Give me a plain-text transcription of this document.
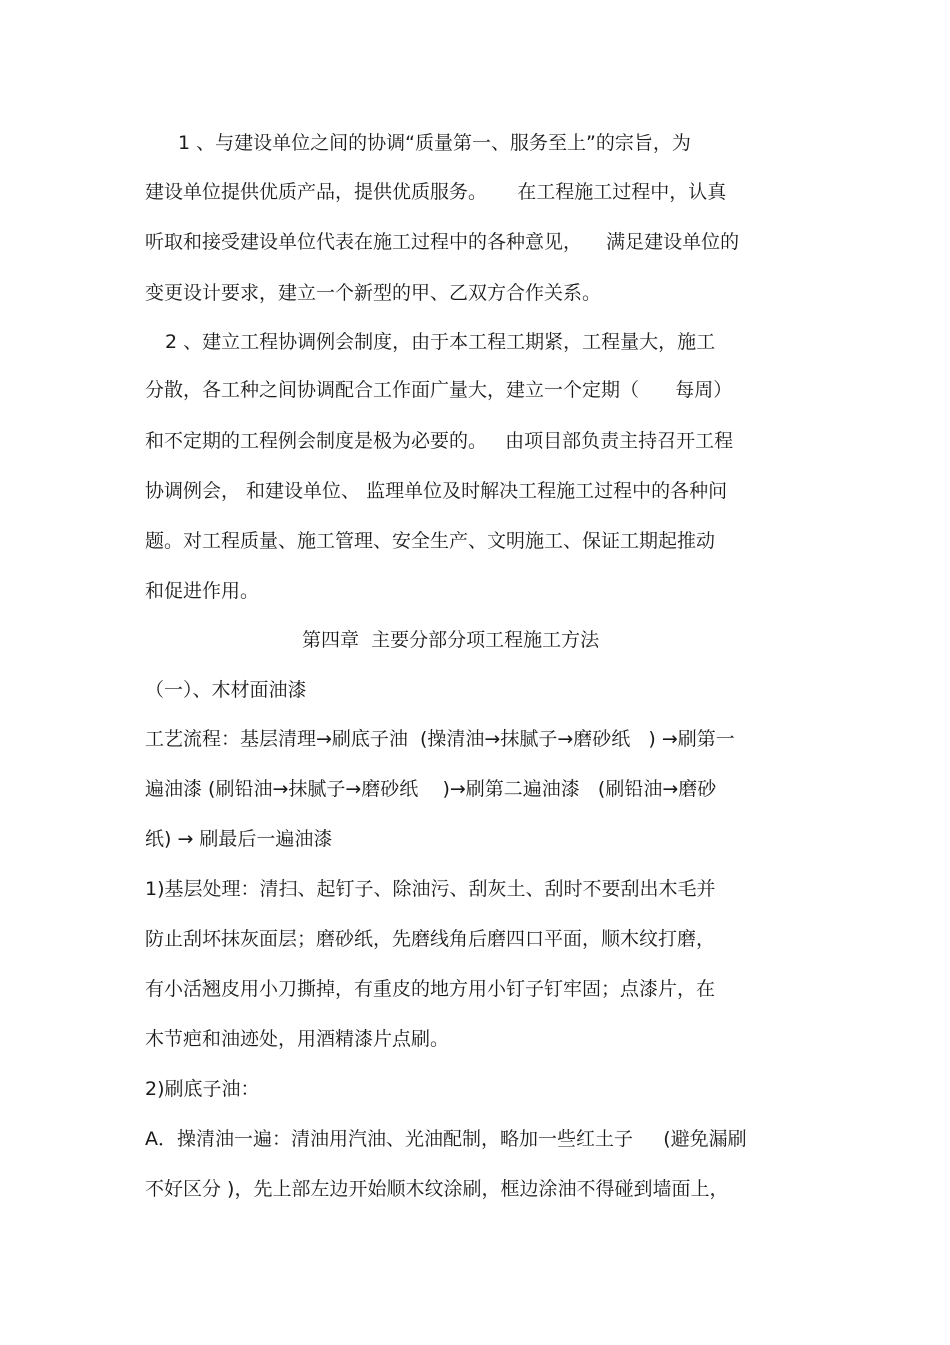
1 、与建设单位之间的协调“质量第一、服务至上”的宗旨，为
建设单位提供优质产品，提供优质服务。     在工程施工过程中，认真
听取和接受建设单位代表在施工过程中的各种意见，    满足建设单位的
变更设计要求，建立一个新型的甲、乙双方合作关系。
2 、建立工程协调例会制度，由于本工程工期紧，工程量大，施工
分散，各工种之间协调配合工作面广量大，建立一个定期（      每周）
和不定期的工程例会制度是极为必要的。   由项目部负责主持召开工程
协调例会， 和建设单位、 监理单位及时解决工程施工过程中的各种问
题。对工程质量、施工管理、安全生产、文明施工、保证工期起推动
和促进作用。
第四章  主要分部分项工程施工方法
（一）、木材面油漆
工艺流程：基层清理→刷底子油  (操清油→抹腻子→磨砂纸   ) →刷第一
遍油漆 (刷铅油→抹腻子→磨砂纸    )→刷第二遍油漆   (刷铅油→磨砂
纸) → 刷最后一遍油漆
1)基层处理：清扫、起钉子、除油污、刮灰土、刮时不要刮出木毛并
防止刮坏抹灰面层；磨砂纸，先磨线角后磨四口平面，顺木纹打磨，
有小活翘皮用小刀撕掉，有重皮的地方用小钉子钉牢固；点漆片，在
木节疤和油迹处，用酒精漆片点刷。
2)刷底子油：
A．操清油一遍：清油用汽油、光油配制，略加一些红土子     (避免漏刷
不好区分 )，先上部左边开始顺木纹涂刷，框边涂油不得碰到墙面上，
